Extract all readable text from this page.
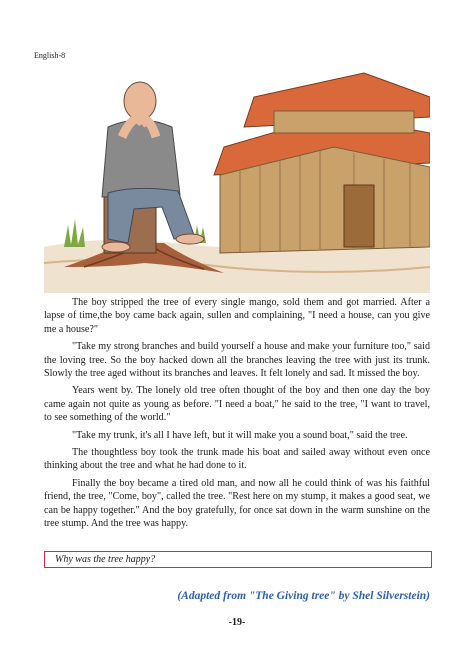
English-8

The boy stripped the tree of every single mango, sold them and got married. After a lapse of time,the boy came back again, sullen and complaining, "I need a house, can you give me a house?"

"Take my strong branches and build yourself a house and make your furniture too," said the loving tree. So the boy hacked down all the branches leaving the tree with just its trunk. Slowly the tree aged without its branches and leaves. It felt lonely and sad. It missed the boy.

Years went by. The lonely old tree often thought of the boy and then one day the boy came again not quite as young as before. "I need a boat," he said to the tree, "I want to travel, to see something of the world."

"Take my trunk, it's all I have left, but it will make you a sound boat," said the tree.

The thoughtless boy took the trunk made his boat and sailed away without even once thinking about the tree and what he had done to it.

Finally the boy became a tired old man, and now all he could think of was his faithful friend, the tree, "Come, boy", called the tree. "Rest here on my stump, it makes a good seat, we can be happy together." And the boy gratefully, for once sat down in the warm sunshine on the tree stump. And the tree was happy.

Why was the tree happy?
(Adapted from "The Giving tree" by Shel Silverstein)
-19-
